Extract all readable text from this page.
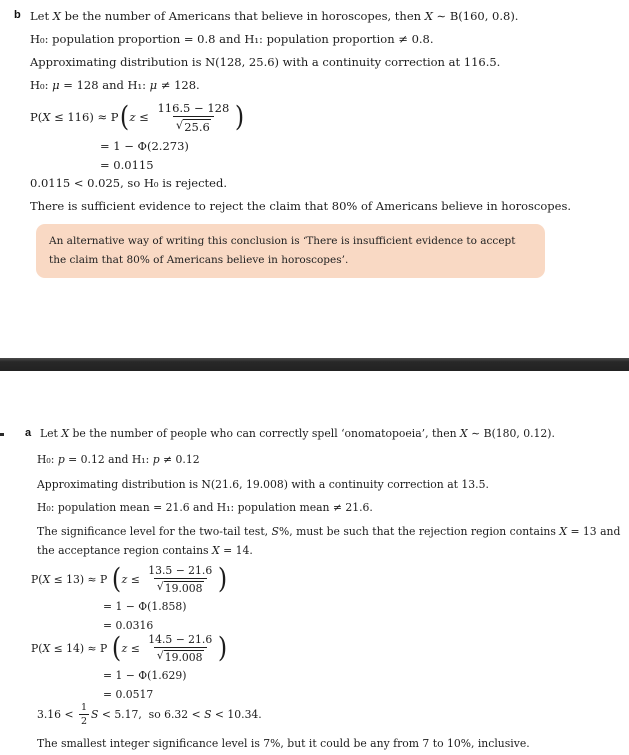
b Let X be the number of Americans that believe in horoscopes, then X ∼ B(160, 0.8).
H₀: population proportion = 0.8 and H₁: population proportion ≠ 0.8.
Approximating distribution is N(128, 25.6) with a continuity correction at 116.5.
H₀: μ = 128 and H₁: μ ≠ 128.
P( X ≤ 116) ≈ P ( $z \le \frac{116.5 - 128}{√ 25.6}$ )
= 1 − Φ(2.273)
= 0.0115
0.0115 < 0.025, so H₀ is rejected.
There is sufficient evidence to reject the claim that 80% of Americans believe in horoscopes.
An alternative way of writing this conclusion is ‘There is insufficient evidence to accept the claim that 80% of Americans believe in horoscopes’.
a Let X be the number of people who can correctly spell ‘onomatopoeia’, then X ∼ B(180, 0.12).
H₀: p = 0.12 and H₁: p ≠ 0.12
Approximating distribution is N(21.6, 19.008) with a continuity correction at 13.5.
H₀: population mean = 21.6 and H₁: population mean ≠ 21.6.
The significance level for the two-tail test, S%, must be such that the rejection region contains X = 13 and the acceptance region contains X = 14.
P( X ≤ 13) ≈ P ( $z \le \frac{13.5 - 21.6}{√ 19.008}$ )
= 1 − Φ(1.858)
= 0.0316
P( X ≤ 14) ≈ P ( $z \le \frac{14.5 - 21.6}{√ 19.008}$ )
= 1 − Φ(1.629)
= 0.0517
$3.16 < \frac{1}{2}$ S < 5.17,  so 6.32 < S < 10.34.
The smallest integer significance level is 7%, but it could be any from 7 to 10%, inclusive.
